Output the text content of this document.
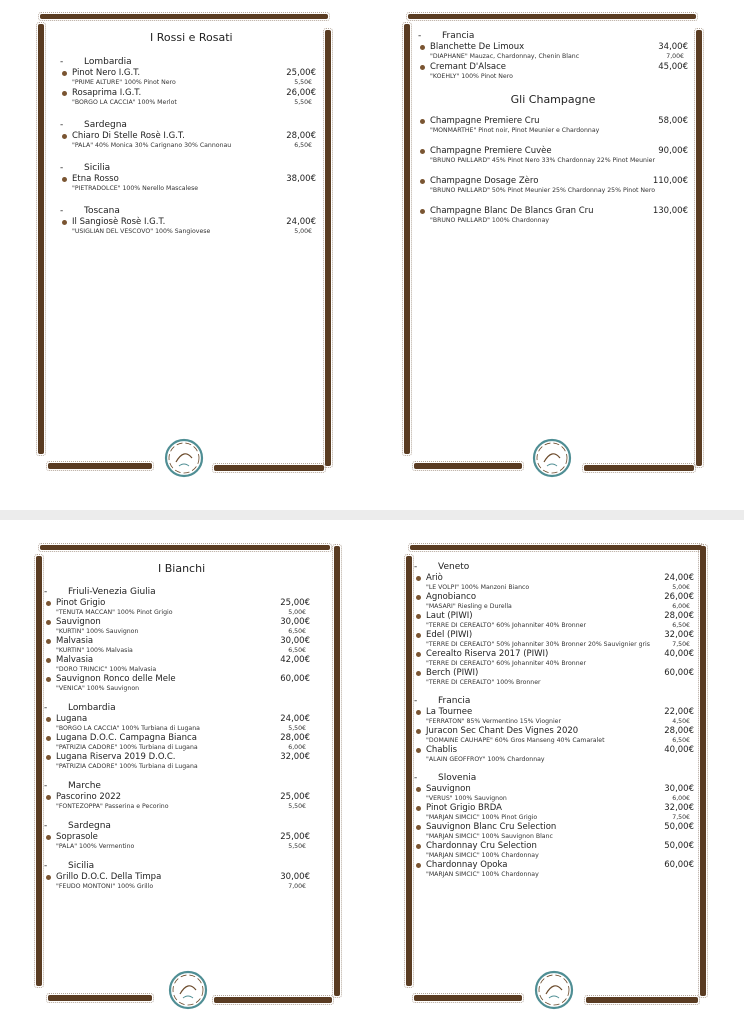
I Rossi e Rosati
- Lombardia
Pinot Nero I.G.T.
"PRIME ALTURE" 100% Pinot Nero
25,00€
5,50€
Rosaprima I.G.T.
"BORGO LA CACCIA" 100% Merlot
26,00€
5,50€
- Sardegna
Chiaro Di Stelle Rosè I.G.T.
"PALA" 40% Monica 30% Carignano 30% Cannonau
28,00€
6,50€
- Sicilia
Etna Rosso
"PIETRADOLCE" 100% Nerello Mascalese
38,00€
- Toscana
Il Sangiosè Rosè I.G.T.
"USIGLIAN DEL VESCOVO" 100% Sangiovese
24,00€
5,00€
- Francia
Blanchette De Limoux
"DIAPHANE" Mauzac, Chardonnay, Chenin Blanc
34,00€
7,00€
Cremant D'Alsace
"KOEHLY" 100% Pinot Nero
45,00€
Gli Champagne
Champagne Premiere Cru
"MONMARTHE" Pinot noir, Pinot Meunier e Chardonnay
58,00€
Champagne Premiere Cuvèe
"BRUNO PAILLARD" 45% Pinot Nero 33% Chardonnay 22% Pinot Meunier
90,00€
Champagne Dosage Zèro
"BRUNO PAILLARD" 50% Pinot Meunier 25% Chardonnay 25% Pinot Nero
110,00€
Champagne Blanc De Blancs Gran Cru
"BRUNO PAILLARD" 100% Chardonnay
130,00€
I Bianchi
- Friuli-Venezia Giulia
Pinot Grigio
"TENUTA MACCAN" 100% Pinot Grigio
25,00€
5,00€
Sauvignon
"KURTIN" 100% Sauvignon
30,00€
6,50€
Malvasia
"KURTIN" 100% Malvasia
30,00€
6,50€
Malvasia
"DORO TRINCIC" 100% Malvasia
42,00€
Sauvignon Ronco delle Mele
"VENICA" 100% Sauvignon
60,00€
- Lombardia
Lugana
"BORGO LA CACCIA" 100% Turbiana di Lugana
24,00€
5,50€
Lugana D.O.C. Campagna Bianca
"PATRIZIA CADORE" 100% Turbiana di Lugana
28,00€
6,00€
Lugana Riserva 2019 D.O.C.
"PATRIZIA CADORE" 100% Turbiana di Lugana
32,00€
- Marche
Pascorino 2022
"FONTEZOPPA" Passerina e Pecorino
25,00€
5,50€
- Sardegna
Soprasole
"PALA" 100% Vermentino
25,00€
5,50€
- Sicilia
Grillo D.O.C. Della Timpa
"FEUDO MONTONI" 100% Grillo
30,00€
7,00€
- Veneto
Ariò
"LE VOLPI" 100% Manzoni Bianco
24,00€
5,00€
Agnobianco
"MASARI" Riesling e Durella
26,00€
6,00€
Laut (PIWI)
"TERRE DI CEREALTO" 60% Johanniter 40% Bronner
28,00€
6,50€
Edel (PIWI)
"TERRE DI CEREALTO" 50% Johanniter 30% Bronner 20% Sauvignier gris
32,00€
7,50€
Cerealto Riserva 2017 (PIWI)
"TERRE DI CEREALTO" 60% Johanniter 40% Bronner
40,00€
Berch (PIWI)
"TERRE DI CEREALTO" 100% Bronner
60,00€
- Francia
La Tournee
"FERRATON" 85% Vermentino 15% Viognier
22,00€
4,50€
Juracon Sec Chant Des Vignes 2020
"DOMAINE CAUHAPE" 60% Gros Manseng 40% Camaralet
28,00€
6,50€
Chablis
"ALAIN GEOFFROY" 100% Chardonnay
40,00€
- Slovenia
Sauvignon
"VERUS" 100% Sauvignon
30,00€
6,00€
Pinot Grigio BRDA
"MARJAN SIMCIC" 100% Pinot Grigio
32,00€
7,50€
Sauvignon Blanc Cru Selection
"MARJAN SIMCIC" 100% Sauvignon Blanc
50,00€
Chardonnay Cru Selection
"MARJAN SIMCIC" 100% Chardonnay
50,00€
Chardonnay Opoka
"MARJAN SIMCIC" 100% Chardonnay
60,00€
